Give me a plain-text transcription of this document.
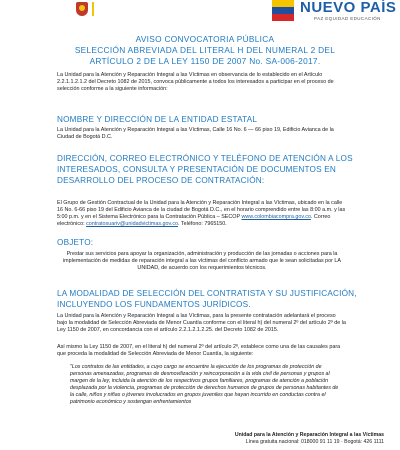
NUEVO PAÍS
PAZ EQUIDAD EDUCACIÓN
AVISO CONVOCATORIA PÚBLICA
SELECCIÓN ABREVIADA DEL LITERAL H DEL NUMERAL 2 DEL
ARTÍCULO 2 DE LA LEY 1150 DE 2007 No. SA-006-2017.
La Unidad para la Atención y Reparación Integral a las Víctimas en observancia de lo establecido en el Artículo 2.2.1.1.2.1.2 del Decreto 1082 de 2015, convoca públicamente a todos los interesados a participar en el proceso de selección conforme a la siguiente información:
NOMBRE Y DIRECCIÓN DE LA ENTIDAD ESTATAL
La Unidad para la Atención y Reparación Integral a las Víctimas, Calle 16 No. 6 — 66 piso 19, Edificio Avianca de la Ciudad de Bogotá D.C.
DIRECCIÓN, CORREO ELECTRÓNICO Y TELÉFONO DE ATENCIÓN A LOS INTERESADOS, CONSULTA Y PRESENTACIÓN DE DOCUMENTOS EN DESARROLLO DEL PROCESO DE CONTRATACIÓN:
El Grupo de Gestión Contractual de la Unidad para la Atención y Reparación Integral a las Víctimas, ubicado en la calle 16 No. 6-66 piso 19 del Edificio Avianca de la ciudad de Bogotá D.C., en el horario comprendido entre las 8:00 a.m. y las 5:00 p.m. y en el Sistema Electrónico para la Contratación Pública – SECOP www.colombiacompra.gov.co. Correo electrónico: contratosuariv@unidadvictimas.gov.co. Teléfono: 7965150.
OBJETO:
Prestar sus servicios para apoyar la organización, administración y producción de las jornadas o acciones para la implementación de medidas de reparación integral a las víctimas del conflicto armado que le sean solicitadas por LA UNIDAD, de acuerdo con los requerimientos técnicos.
LA MODALIDAD DE SELECCIÓN DEL CONTRATISTA Y SU JUSTIFICACIÓN, INCLUYENDO LOS FUNDAMENTOS JURÍDICOS.
La Unidad para la Atención y Reparación Integral a las Víctimas, para la presente contratación adelantará el proceso bajo la modalidad de Selección Abreviada de Menor Cuantía conforme con el literal h) del numeral 2º del artículo 2º de la Ley 1150 de 2007, en concordancia con el artículo 2.2.1.2.1.2.25. del Decreto 1082 de 2015.
Así mismo la Ley 1150 de 2007, en el literal h) del numeral 2º del artículo 2º, establece como una de las causales para que proceda la modalidad de Selección Abreviada de Menor Cuantía, la siguiente:
"Los contratos de las entidades, a cuyo cargo se encuentre la ejecución de los programas de protección de personas amenazadas, programas de desmovilización y reincorporación a la vida civil de personas y grupos al margen de la ley, incluida la atención de los respectivos grupos familiares, programas de atención a población desplazada por la violencia, programas de protección de derechos humanos de grupos de personas habitantes de la calle, niños y niñas o jóvenes involucrados en grupos juveniles que hayan incurrido en conductas contra el patrimonio económico y sostengan enfrentamientos
Unidad para la Atención y Reparación Integral a las Víctimas
Línea gratuita nacional: 018000 91 11 19 · Bogotá: 426 1111
